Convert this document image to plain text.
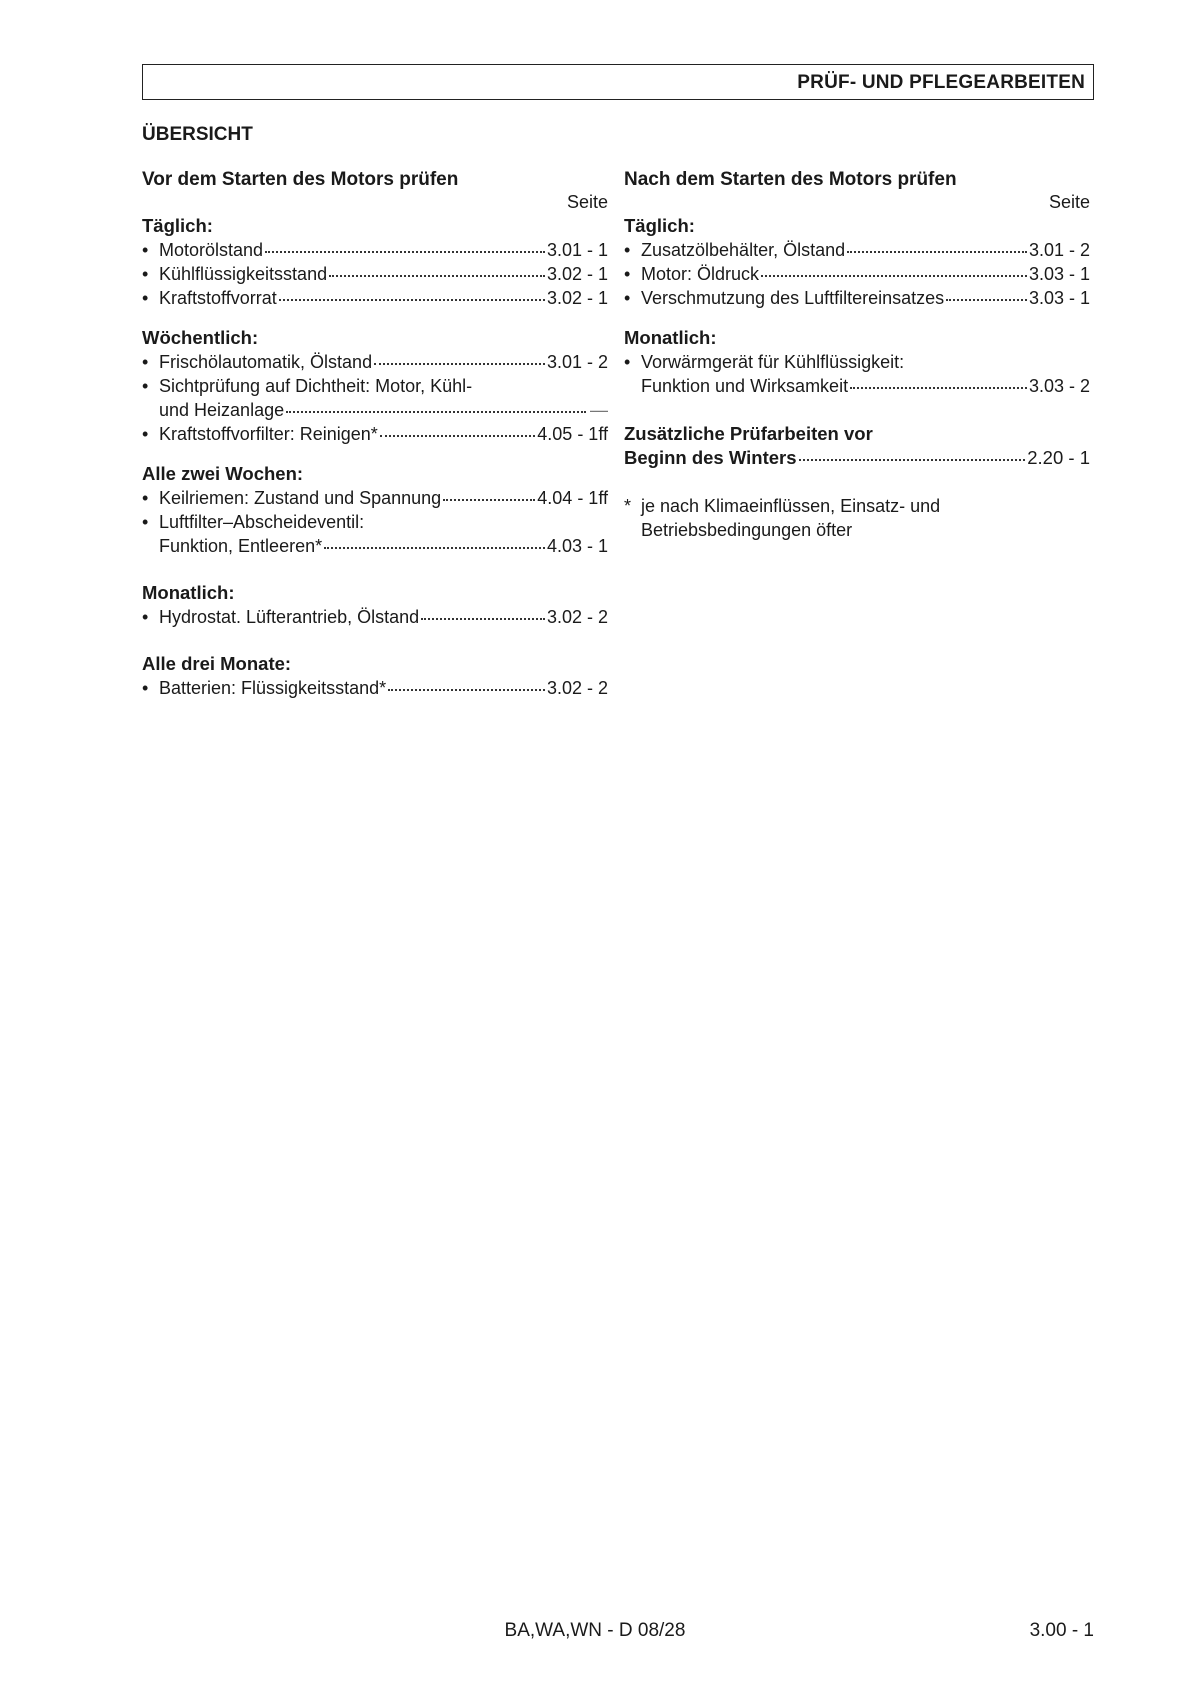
PRÜF- UND PFLEGEARBEITEN
ÜBERSICHT
Vor dem Starten des Motors prüfen
Seite
Täglich:
• Motorölstand	3.01 - 1
• Kühlflüssigkeitsstand	3.02 - 1
• Kraftstoffvorrat	3.02 - 1
Wöchentlich:
• Frischölautomatik, Ölstand	3.01 - 2
• Sichtprüfung auf Dichtheit: Motor, Kühl-
und Heizanlage	—
• Kraftstoffvorfilter: Reinigen*	4.05 - 1ff
Alle zwei Wochen:
• Keilriemen: Zustand und Spannung	4.04 - 1ff
• Luftfilter–Abscheideventil:
Funktion, Entleeren*	4.03 - 1
Monatlich:
• Hydrostat. Lüfterantrieb, Ölstand	3.02 - 2
Alle drei Monate:
• Batterien: Flüssigkeitsstand*	3.02 - 2
Nach dem Starten des Motors prüfen
Seite
Täglich:
• Zusatzölbehälter, Ölstand	3.01 - 2
• Motor: Öldruck	3.03 - 1
• Verschmutzung des Luftfiltereinsatzes	3.03 - 1
Monatlich:
• Vorwärmgerät für Kühlflüssigkeit:
Funktion und Wirksamkeit	3.03 - 2
Zusätzliche Prüfarbeiten vor
Beginn des Winters	2.20 - 1
* je nach Klimaeinflüssen, Einsatz- und
Betriebsbedingungen öfter
BA,WA,WN - D 08/28	3.00 - 1
